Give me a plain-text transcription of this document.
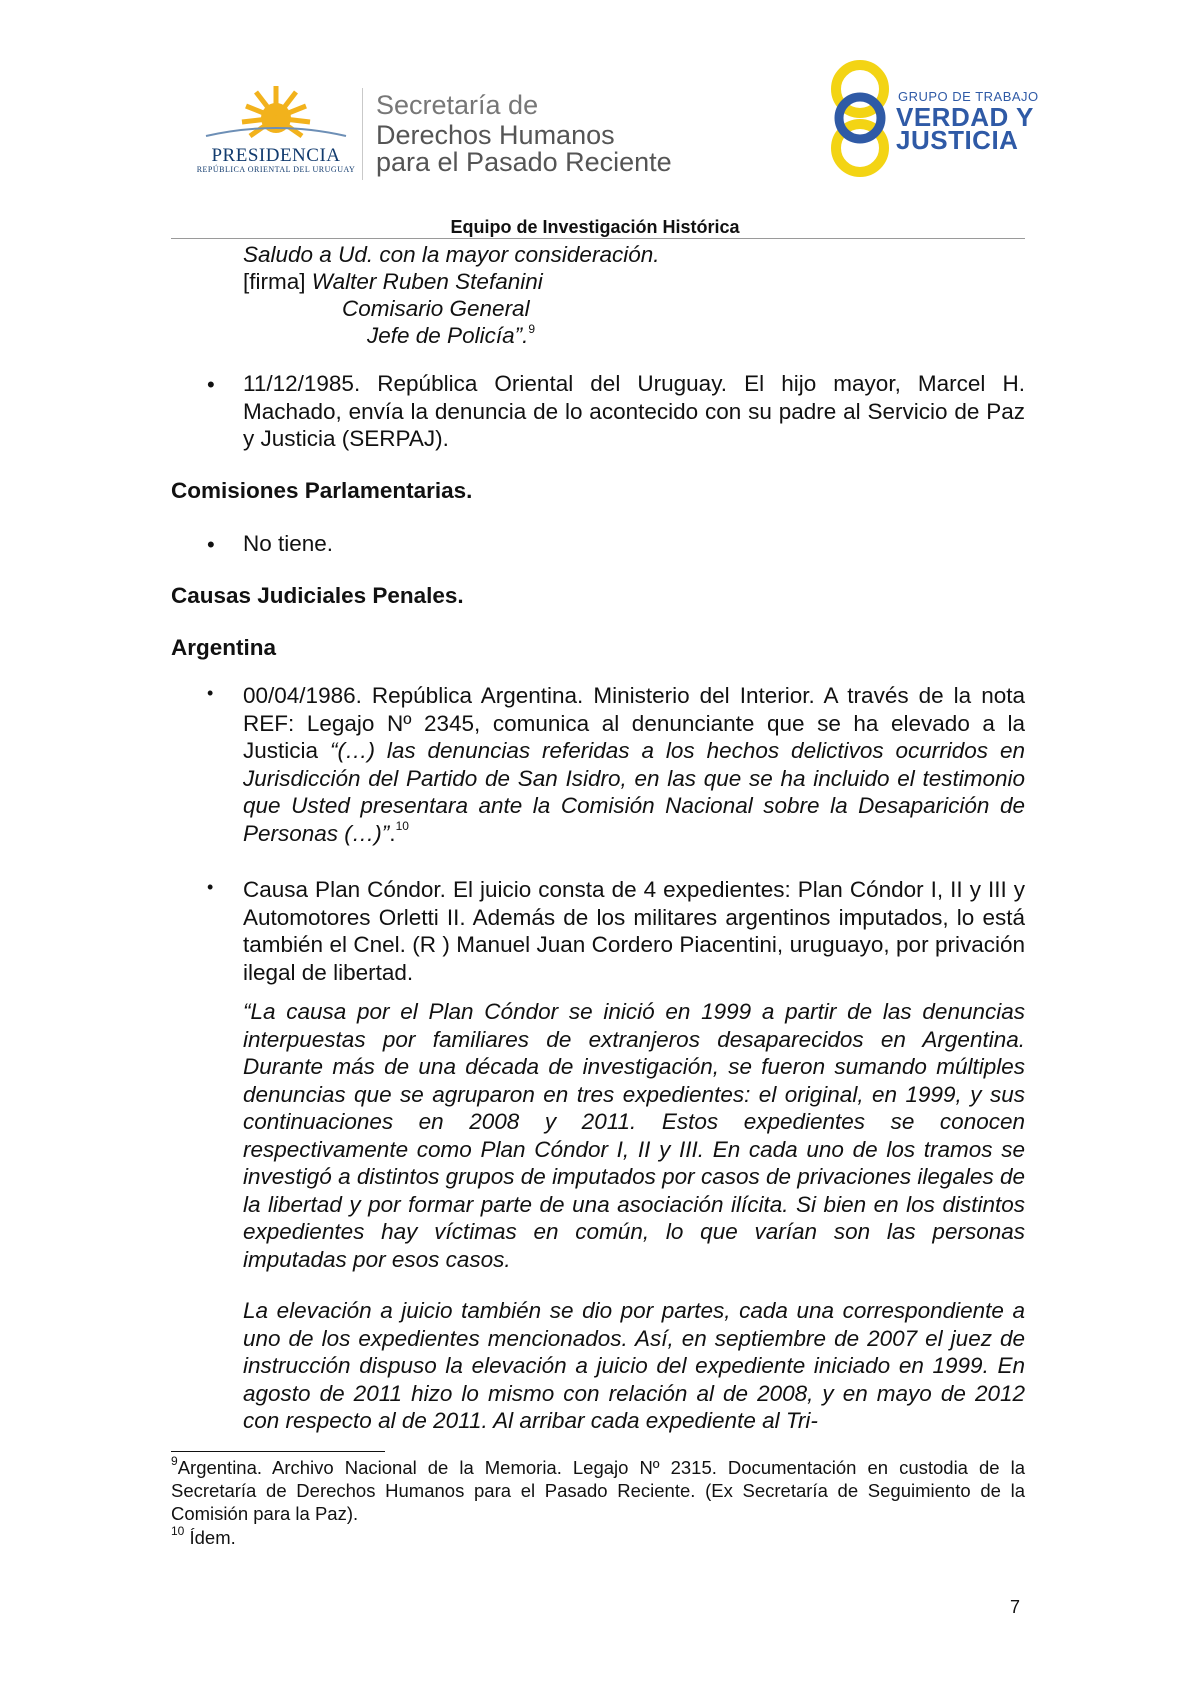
PRESIDENCIA
REPÚBLICA ORIENTAL DEL URUGUAY
Secretaría de
Derechos Humanos
para el Pasado Reciente
GRUPO DE TRABAJO
VERDAD Y
JUSTICIA
Equipo de Investigación Histórica
Saludo a Ud. con la mayor consideración.
[firma] Walter Ruben Stefanini
Comisario General
Jefe de Policía”.$^9$
• 11/12/1985. República Oriental del Uruguay. El hijo mayor, Marcel H. Machado, envía la denuncia de lo acontecido con su padre al Servicio de Paz y Justicia (SERPAJ).
Comisiones Parlamentarias.
• No tiene.
Causas Judiciales Penales.
Argentina
• 00/04/1986. República Argentina. Ministerio del Interior. A través de la nota REF: Legajo Nº 2345, comunica al denunciante que se ha elevado a la Justicia “(…) las denuncias referidas a los hechos delictivos ocurridos en Jurisdicción del Partido de San Isidro, en las que se ha incluido el testimonio que Usted presentara ante la Comisión Nacional sobre la Desaparición de Personas (…)”.$^{10}$
• Causa Plan Cóndor. El juicio consta de 4 expedientes: Plan Cóndor I, II y III y Automotores Orletti II. Además de los militares argentinos imputados, lo está también el Cnel. (R ) Manuel Juan Cordero Piacentini, uruguayo, por privación ilegal de libertad.
“La causa por el Plan Cóndor se inició en 1999 a partir de las denuncias interpuestas por familiares de extranjeros desaparecidos en Argentina. Durante más de una década de investigación, se fueron sumando múltiples denuncias que se agruparon en tres expedientes: el original, en 1999, y sus continuaciones en 2008 y 2011. Estos expedientes se conocen respectivamente como Plan Cóndor I, II y III. En cada uno de los tramos se investigó a distintos grupos de imputados por casos de privaciones ilegales de la libertad y por formar parte de una asociación ilícita. Si bien en los distintos expedientes hay víctimas en común, lo que varían son las personas imputadas por esos casos.
La elevación a juicio también se dio por partes, cada una correspondiente a uno de los expedientes mencionados. Así, en septiembre de 2007 el juez de instrucción dispuso la elevación a juicio del expediente iniciado en 1999. En agosto de 2011 hizo lo mismo con relación al de 2008, y en mayo de 2012 con respecto al de 2011. Al arribar cada expediente al Tri-
$^9$Argentina. Archivo Nacional de la Memoria. Legajo Nº 2315. Documentación en custodia de la Secretaría de Derechos Humanos para el Pasado Reciente. (Ex Secretaría de Seguimiento de la Comisión para la Paz).
$^{10}$ Ídem.
7
